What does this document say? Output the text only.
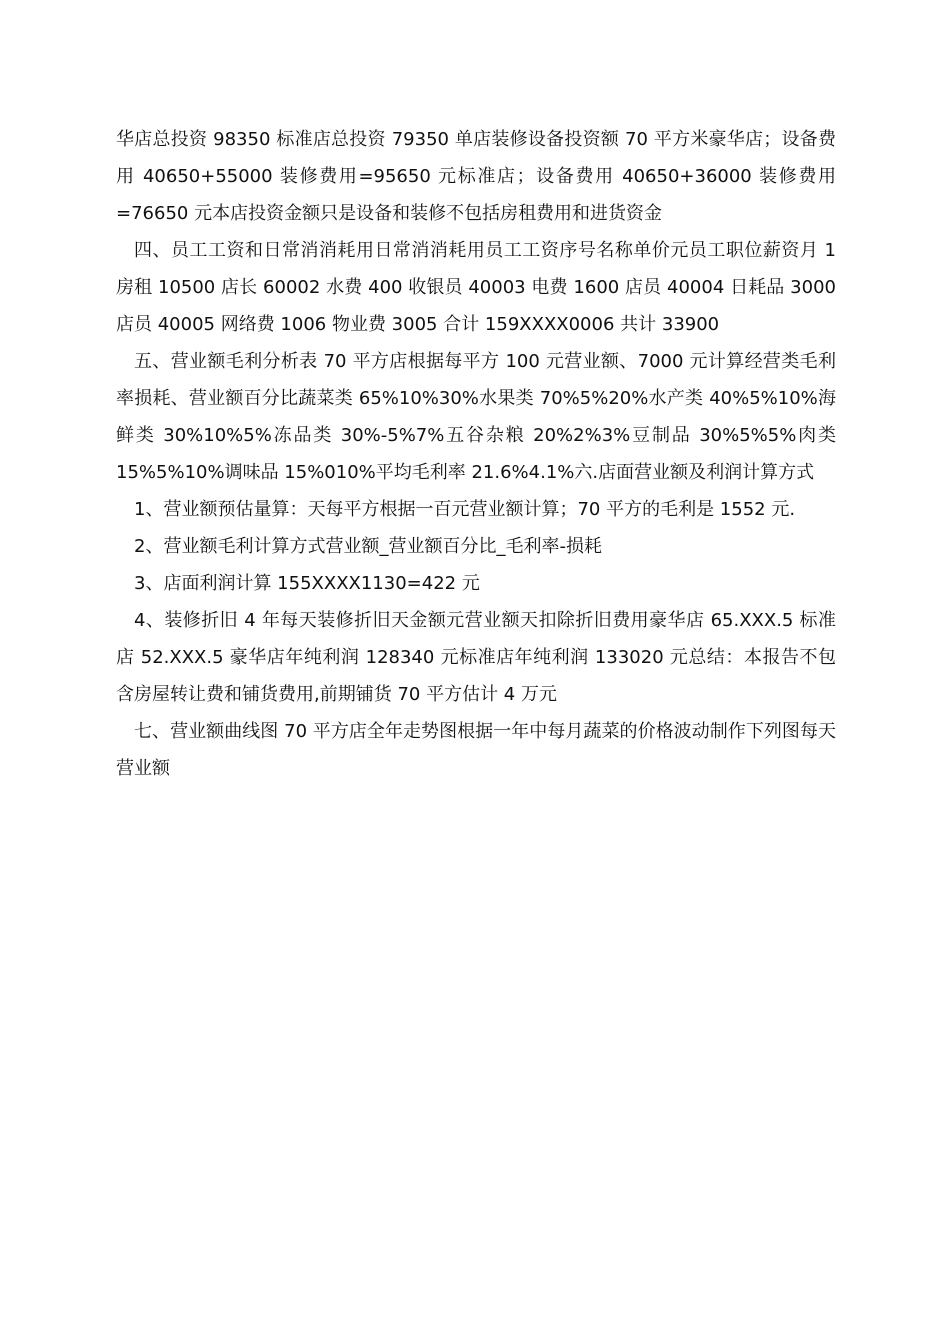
华店总投资 98350 标准店总投资 79350 单店装修设备投资额 70 平方米豪华店；设备费用 40650+55000 装修费用=95650 元标准店；设备费用 40650+36000 装修费用=76650 元本店投资金额只是设备和装修不包括房租费用和进货资金

四、员工工资和日常消消耗用日常消消耗用员工工资序号名称单价元员工职位薪资月 1 房租 10500 店长 60002 水费 400 收银员 40003 电费 1600 店员 40004 日耗品 3000 店员 40005 网络费 1006 物业费 3005 合计 159XXXX0006 共计 33900

五、营业额毛利分析表 70 平方店根据每平方 100 元营业额、7000 元计算经营类毛利率损耗、营业额百分比蔬菜类 65%10%30%水果类 70%5%20%水产类 40%5%10%海鲜类 30%10%5%冻品类 30%-5%7%五谷杂粮 20%2%3%豆制品 30%5%5%肉类 15%5%10%调味品 15%010%平均毛利率 21.6%4.1%六.店面营业额及利润计算方式

1、营业额预估量算：天每平方根据一百元营业额计算；70 平方的毛利是 1552 元.

2、营业额毛利计算方式营业额_营业额百分比_毛利率-损耗

3、店面利润计算 155XXXX1130=422 元

4、装修折旧 4 年每天装修折旧天金额元营业额天扣除折旧费用豪华店 65.XXX.5 标准店 52.XXX.5 豪华店年纯利润 128340 元标准店年纯利润 133020 元总结：本报告不包含房屋转让费和铺货费用,前期铺货 70 平方估计 4 万元

七、营业额曲线图 70 平方店全年走势图根据一年中每月蔬菜的价格波动制作下列图每天营业额
